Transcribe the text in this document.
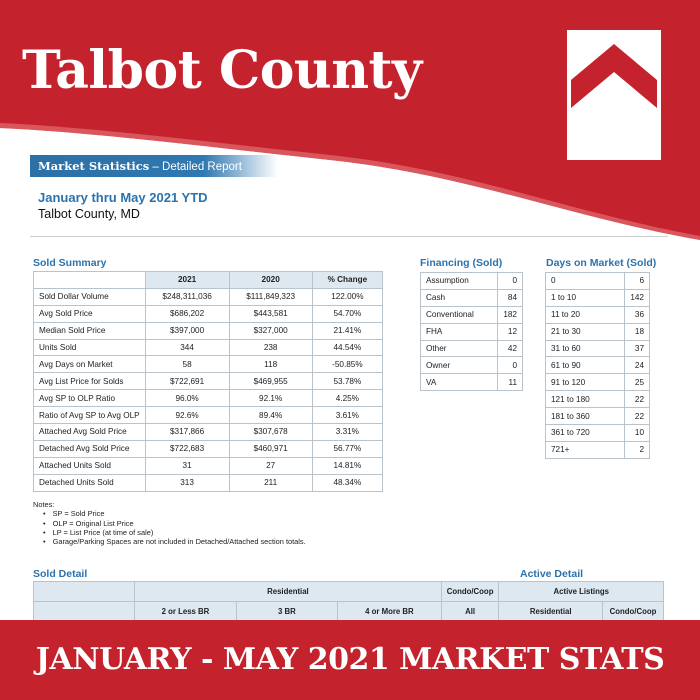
Talbot County
Market Statistics – Detailed Report
January thru May 2021 YTD
Talbot County, MD
Sold Summary
	2021	2020	% Change
Sold Dollar Volume	$248,311,036	$111,849,323	122.00%
Avg Sold Price	$686,202	$443,581	54.70%
Median Sold Price	$397,000	$327,000	21.41%
Units Sold	344	238	44.54%
Avg Days on Market	58	118	-50.85%
Avg List Price for Solds	$722,691	$469,955	53.78%
Avg SP to OLP Ratio	96.0%	92.1%	4.25%
Ratio of Avg SP to Avg OLP	92.6%	89.4%	3.61%
Attached Avg Sold Price	$317,866	$307,678	3.31%
Detached Avg Sold Price	$722,683	$460,971	56.77%
Attached Units Sold	31	27	14.81%
Detached Units Sold	313	211	48.34%
Financing (Sold)
Assumption	0
Cash	84
Conventional	182
FHA	12
Other	42
Owner	0
VA	11
Days on Market (Sold)
0	6
1 to 10	142
11 to 20	36
21 to 30	18
31 to 60	37
61 to 90	24
91 to 120	25
121 to 180	22
181 to 360	22
361 to 720	10
721+	2
Notes:
• SP = Sold Price
• OLP = Original List Price
• LP = List Price (at time of sale)
• Garage/Parking Spaces are not included in Detached/Attached section totals.
Sold Detail	Active Detail
	Residential			Condo/Coop	Active Listings	
	2 or Less BR	3 BR	4 or More BR	All	Residential	Condo/Coop
JANUARY - MAY 2021 MARKET STATS
